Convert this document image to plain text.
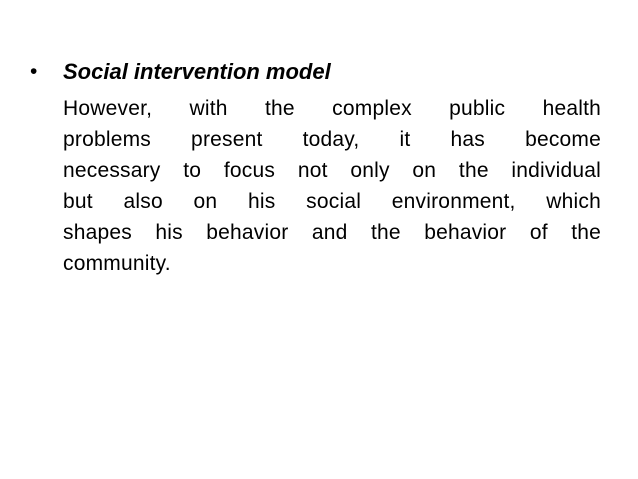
•	Social intervention model
However, with the complex public health
problems present today, it has become
necessary to focus not only on the individual
but also on his social environment, which
shapes his behavior and the behavior of the
community.
